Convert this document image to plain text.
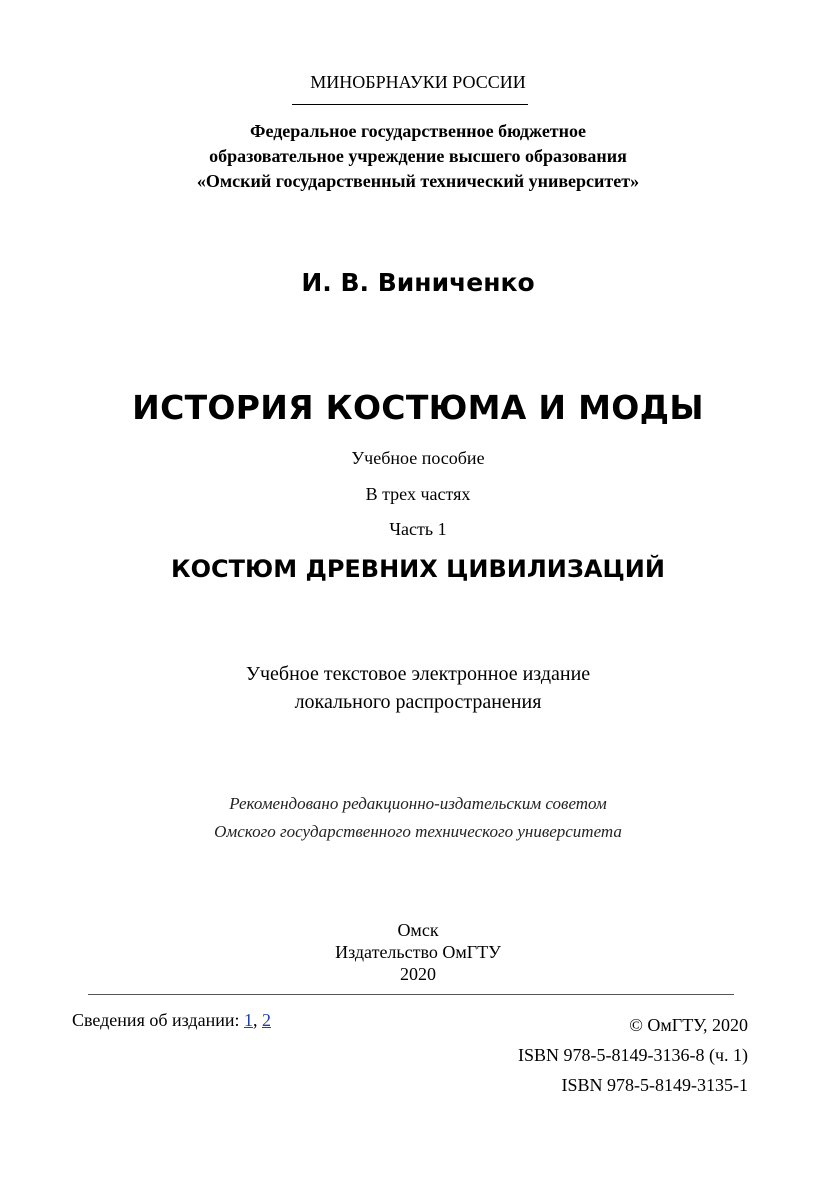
МИНОБРНАУКИ РОССИИ
Федеральное государственное бюджетное
образовательное учреждение высшего образования
«Омский государственный технический университет»
И. В. Виниченко
ИСТОРИЯ КОСТЮМА И МОДЫ
Учебное пособие
В трех частях
Часть 1
КОСТЮМ ДРЕВНИХ ЦИВИЛИЗАЦИЙ
Учебное текстовое электронное издание
локального распространения
Рекомендовано редакционно-издательским советом
Омского государственного технического университета
Омск
Издательство ОмГТУ
2020
Сведения об издании: 1, 2	© ОмГТУ, 2020
ISBN 978-5-8149-3136-8 (ч. 1)
ISBN 978-5-8149-3135-1
